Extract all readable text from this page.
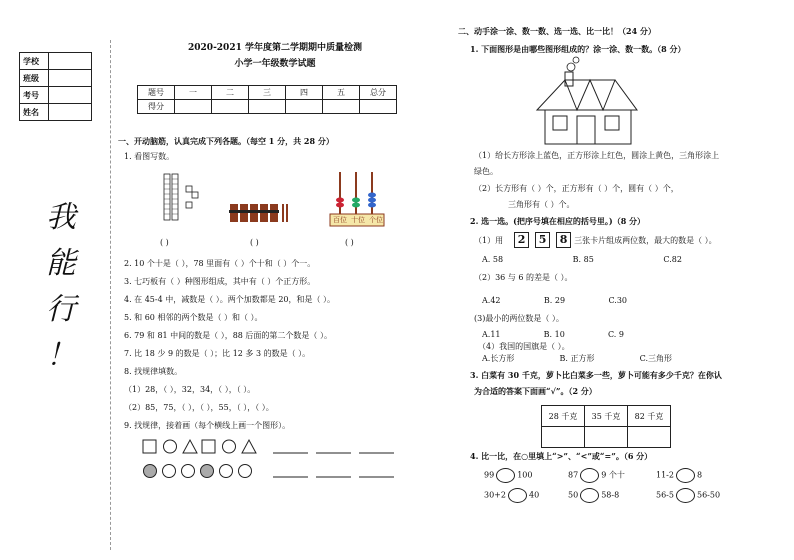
学校	
班级	
考号	
姓名	
我
能
行
！
2020-2021 学年度第二学期期中质量检测
小学一年级数学试题
题号	一	二	三	四	五	总分
得分						
一、开动脑筋，认真完成下列各题。（每空 1 分，共 28 分）
1. 看图写数。
百位 十位 个位
( )	( )	( )
2. 10 个十是（ ），78 里面有（ ）个十和（ ）个一。
3. 七巧板有（ ）种图形组成，其中有（ ）个正方形。
4. 在 45-4 中，减数是（ ）。两个加数都是 20，和是（ ）。
5. 和 60 相邻的两个数是（ ）和（ ）。
6. 79 和 81 中间的数是（ ），88 后面的第二个数是（ ）。
7. 比 18 少 9 的数是（ ）；比 12 多 3 的数是（ ）。
8. 找规律填数。
（1）28，（ ），32，34，（ ），（ ）。
（2）85，75，（ ），（ ），55，（ ），（ ）。
9. 找规律，接着画（每个横线上画一个图形）。
二、动手涂一涂、数一数、选一选、比一比！（24 分）
1. 下面图形是由哪些图形组成的？涂一涂、数一数。（8 分）
（1）给长方形涂上蓝色，正方形涂上红色，圆涂上黄色，三角形涂上
绿色。
（2）长方形有（ ）个，正方形有（ ）个，圆有（ ）个，
三角形有（ ）个。
2. 选一选。(把序号填在相应的括号里。)（8 分）
（1）用	2	5	8 三张卡片组成两位数，最大的数是（ ）。
A. 58	B. 85	C.82
（2）36 与 6 的差是（ ）。
A.42	B. 29	C.30
(3)最小的两位数是（ ）。
A.11	B. 10	C. 9
（4）我国的国旗是（ ）。
A.长方形	B. 正方形	C.三角形
3. 白菜有 30 千克，萝卜比白菜多一些，萝卜可能有多少千克？在你认
为合适的答案下面画“√”。（2 分）
28 千克	35 千克	82 千克

4. 比一比，在○里填上“>”、“<”或“=”。（6 分）
99	100	87	9 个十	11-2	8
30+2	40	50	58-8	56-5	56-50
